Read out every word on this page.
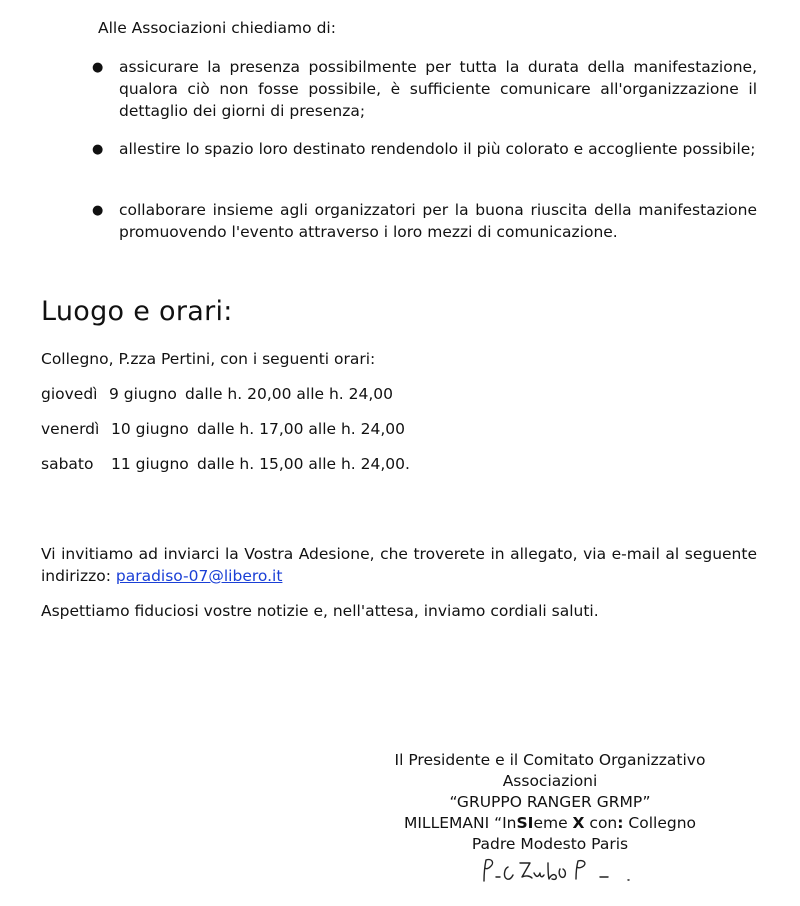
Alle Associazioni chiediamo di:
● assicurare la presenza possibilmente per tutta la durata della manifestazione, qualora ciò non fosse possibile, è sufficiente comunicare all'organizzazione il dettaglio dei giorni di presenza;
● allestire lo spazio loro destinato rendendolo il più colorato e accogliente possibile;
● collaborare insieme agli organizzatori per la buona riuscita della manifestazione promuovendo l'evento attraverso i loro mezzi di comunicazione.
Luogo e orari:
Collegno, P.zza Pertini, con i seguenti orari:
giovedì 9 giugno dalle h. 20,00 alle h. 24,00
venerdì 10 giugno dalle h. 17,00 alle h. 24,00
sabato 11 giugno dalle h. 15,00 alle h. 24,00.
Vi invitiamo ad inviarci la Vostra Adesione, che troverete in allegato, via e-mail al seguente indirizzo: paradiso-07@libero.it
Aspettiamo fiduciosi vostre notizie e, nell'attesa, inviamo cordiali saluti.
Il Presidente e il Comitato Organizzativo
Associazioni
“GRUPPO RANGER GRMP”
MILLEMANI “InSIeme X con: Collegno
Padre Modesto Paris
